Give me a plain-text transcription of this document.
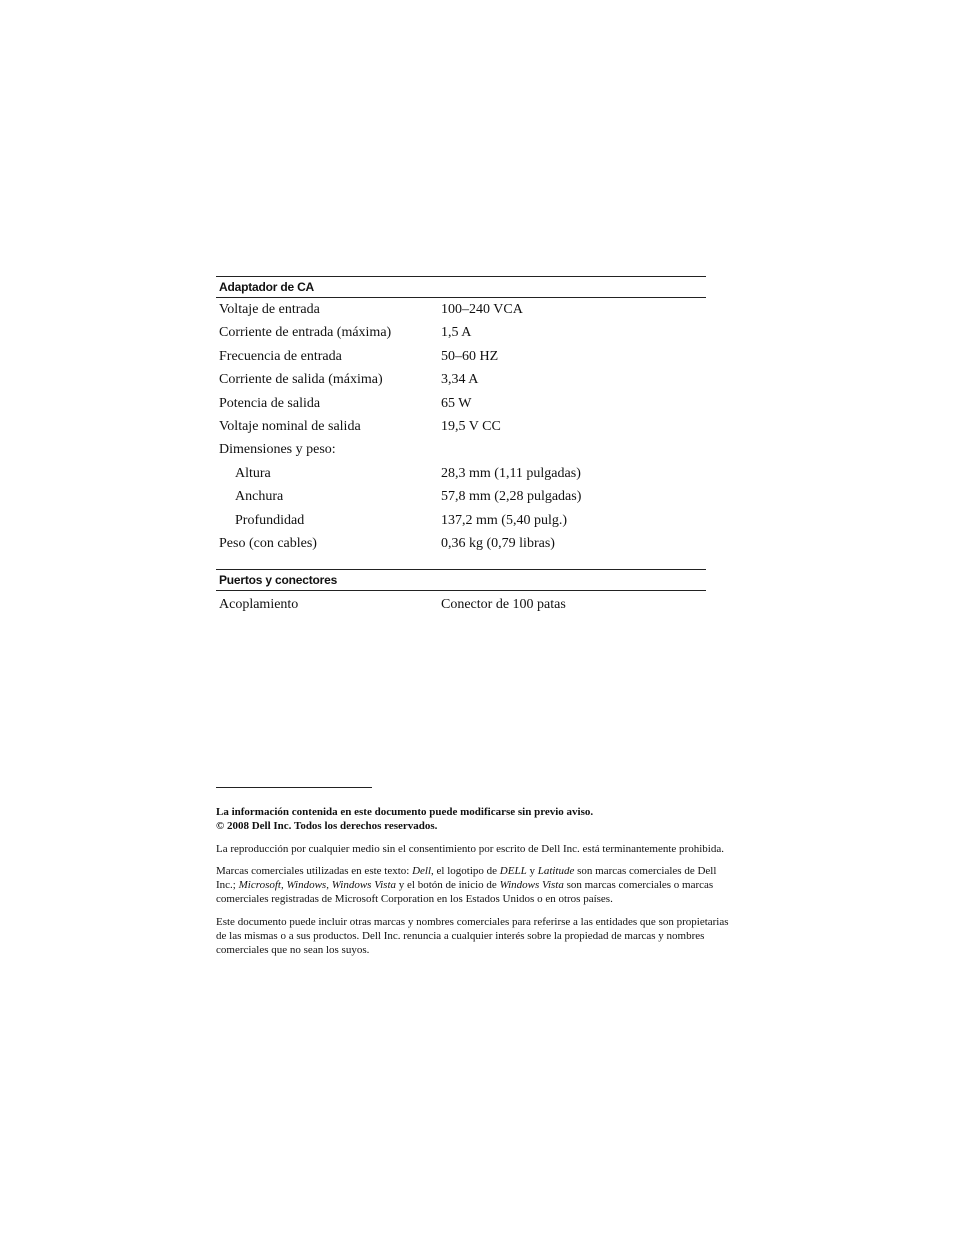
Adaptador de CA
Voltaje de entrada	100–240 VCA
Corriente de entrada (máxima)	1,5 A
Frecuencia de entrada	50–60 HZ
Corriente de salida (máxima)	3,34 A
Potencia de salida	65 W
Voltaje nominal de salida	19,5 V CC
Dimensiones y peso:
Altura	28,3 mm (1,11 pulgadas)
Anchura	57,8 mm (2,28 pulgadas)
Profundidad	137,2 mm (5,40 pulg.)
Peso (con cables)	0,36 kg (0,79 libras)
Puertos y conectores
Acoplamiento	Conector de 100 patas

La información contenida en este documento puede modificarse sin previo aviso.
© 2008 Dell Inc. Todos los derechos reservados.

La reproducción por cualquier medio sin el consentimiento por escrito de Dell Inc. está terminantemente prohibida.

Marcas comerciales utilizadas en este texto: Dell, el logotipo de DELL y Latitude son marcas comerciales de Dell Inc.; Microsoft, Windows, Windows Vista y el botón de inicio de Windows Vista son marcas comerciales o marcas comerciales registradas de Microsoft Corporation en los Estados Unidos o en otros países.

Este documento puede incluir otras marcas y nombres comerciales para referirse a las entidades que son propietarias de las mismas o a sus productos. Dell Inc. renuncia a cualquier interés sobre la propiedad de marcas y nombres comerciales que no sean los suyos.
